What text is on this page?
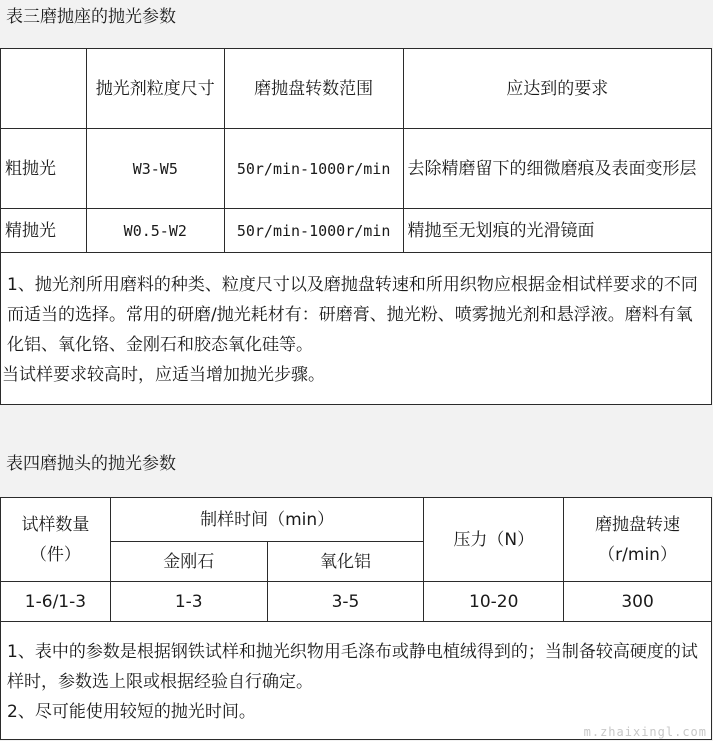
表三磨抛座的抛光参数
	抛光剂粒度尺寸	磨抛盘转数范围	应达到的要求
粗抛光	W3-W5	50r/min-1000r/min	去除精磨留下的细微磨痕及表面变形层
精抛光	W0.5-W2	50r/min-1000r/min	精抛至无划痕的光滑镜面

1、抛光剂所用磨料的种类、粒度尺寸以及磨抛盘转速和所用织物应根据金相试样要求的不同而适当的选择。常用的研磨/抛光耗材有：研磨膏、抛光粉、喷雾抛光剂和悬浮液。磨料有氧化铝、氧化铬、金刚石和胶态氧化硅等。

当试样要求较高时，应适当增加抛光步骤。			

表四磨抛头的抛光参数
试样数量（件）	制样时间（min）		压力（N）	磨抛盘转速（r/min）
	金刚石	氧化铝		
1-6/1-3	1-3	3-5	10-20	300

1、表中的参数是根据钢铁试样和抛光织物用毛涤布或静电植绒得到的；当制备较高硬度的试样时，参数选上限或根据经验自行确定。

2、尽可能使用较短的抛光时间。				

m.zhaixingl.com
